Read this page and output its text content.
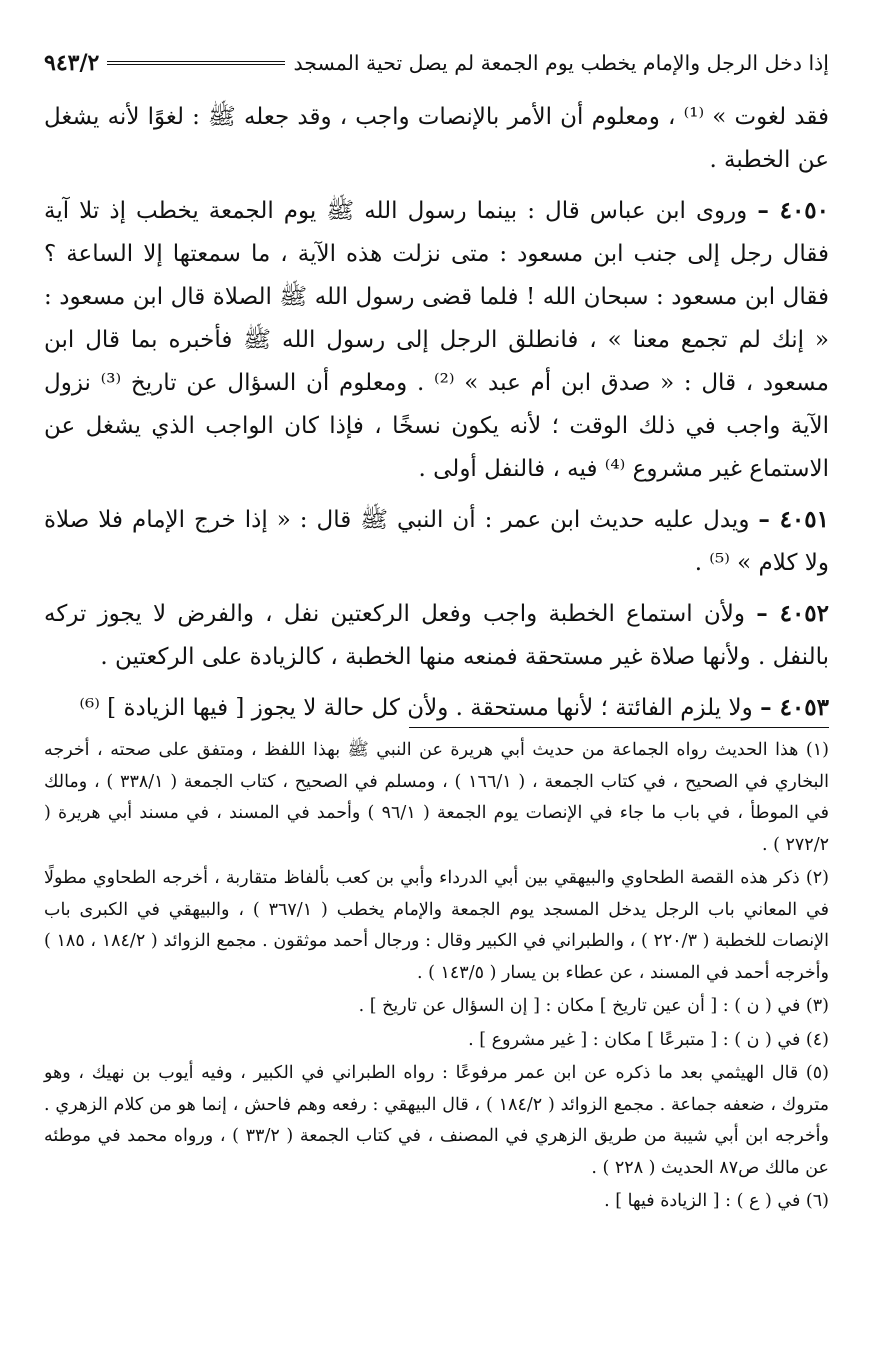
إذا دخل الرجل والإمام يخطب يوم الجمعة لم يصل تحية المسجد
٩٤٣/٢

فقد لغوت » ⁽¹⁾ ، ومعلوم أن الأمر بالإنصات واجب ، وقد جعله ﷺ : لغوًا لأنه يشغل عن الخطبة .

٤٠٥٠ – وروى ابن عباس قال : بينما رسول الله ﷺ يوم الجمعة يخطب إذ تلا آية فقال رجل إلى جنب ابن مسعود : متى نزلت هذه الآية ، ما سمعتها إلا الساعة ؟ فقال ابن مسعود : سبحان الله ! فلما قضى رسول الله ﷺ الصلاة قال ابن مسعود : « إنك لم تجمع معنا » ، فانطلق الرجل إلى رسول الله ﷺ فأخبره بما قال ابن مسعود ، قال : « صدق ابن أم عبد » ⁽²⁾ . ومعلوم أن السؤال عن تاريخ ⁽³⁾ نزول الآية واجب في ذلك الوقت ؛ لأنه يكون نسخًا ، فإذا كان الواجب الذي يشغل عن الاستماع غير مشروع ⁽⁴⁾ فيه ، فالنفل أولى .

٤٠٥١ – ويدل عليه حديث ابن عمر : أن النبي ﷺ قال : « إذا خرج الإمام فلا صلاة ولا كلام » ⁽⁵⁾ .

٤٠٥٢ – ولأن استماع الخطبة واجب وفعل الركعتين نفل ، والفرض لا يجوز تركه بالنفل . ولأنها صلاة غير مستحقة فمنعه منها الخطبة ، كالزيادة على الركعتين .

٤٠٥٣ – ولا يلزم الفائتة ؛ لأنها مستحقة . ولأن كل حالة لا يجوز [ فيها الزيادة ] ⁽⁶⁾

(١) هذا الحديث رواه الجماعة من حديث أبي هريرة عن النبي ﷺ بهذا اللفظ ، ومتفق على صحته ، أخرجه البخاري في الصحيح ، في كتاب الجمعة ، ( ١٦٦/١ ) ، ومسلم في الصحيح ، كتاب الجمعة ( ٣٣٨/١ ) ، ومالك في الموطأ ، في باب ما جاء في الإنصات يوم الجمعة ( ٩٦/١ ) وأحمد في المسند ، في مسند أبي هريرة ( ٢٧٢/٢ ) .

(٢) ذكر هذه القصة الطحاوي والبيهقي بين أبي الدرداء وأبي بن كعب بألفاظ متقاربة ، أخرجه الطحاوي مطولًا في المعاني باب الرجل يدخل المسجد يوم الجمعة والإمام يخطب ( ٣٦٧/١ ) ، والبيهقي في الكبرى باب الإنصات للخطبة ( ٢٢٠/٣ ) ، والطبراني في الكبير وقال : ورجال أحمد موثقون . مجمع الزوائد ( ١٨٤/٢ ، ١٨٥ ) وأخرجه أحمد في المسند ، عن عطاء بن يسار ( ١٤٣/٥ ) .

(٣) في ( ن ) : [ أن عين تاريخ ] مكان : [ إن السؤال عن تاريخ ] .

(٤) في ( ن ) : [ متبرعًا ] مكان : [ غير مشروع ] .

(٥) قال الهيثمي بعد ما ذكره عن ابن عمر مرفوعًا : رواه الطبراني في الكبير ، وفيه أيوب بن نهيك ، وهو متروك ، ضعفه جماعة . مجمع الزوائد ( ١٨٤/٢ ) ، قال البيهقي : رفعه وهم فاحش ، إنما هو من كلام الزهري . وأخرجه ابن أبي شيبة من طريق الزهري في المصنف ، في كتاب الجمعة ( ٣٣/٢ ) ، ورواه محمد في موطئه عن مالك ص٨٧ الحديث ( ٢٢٨ ) .

(٦) في ( ع ) : [ الزيادة فيها ] .
